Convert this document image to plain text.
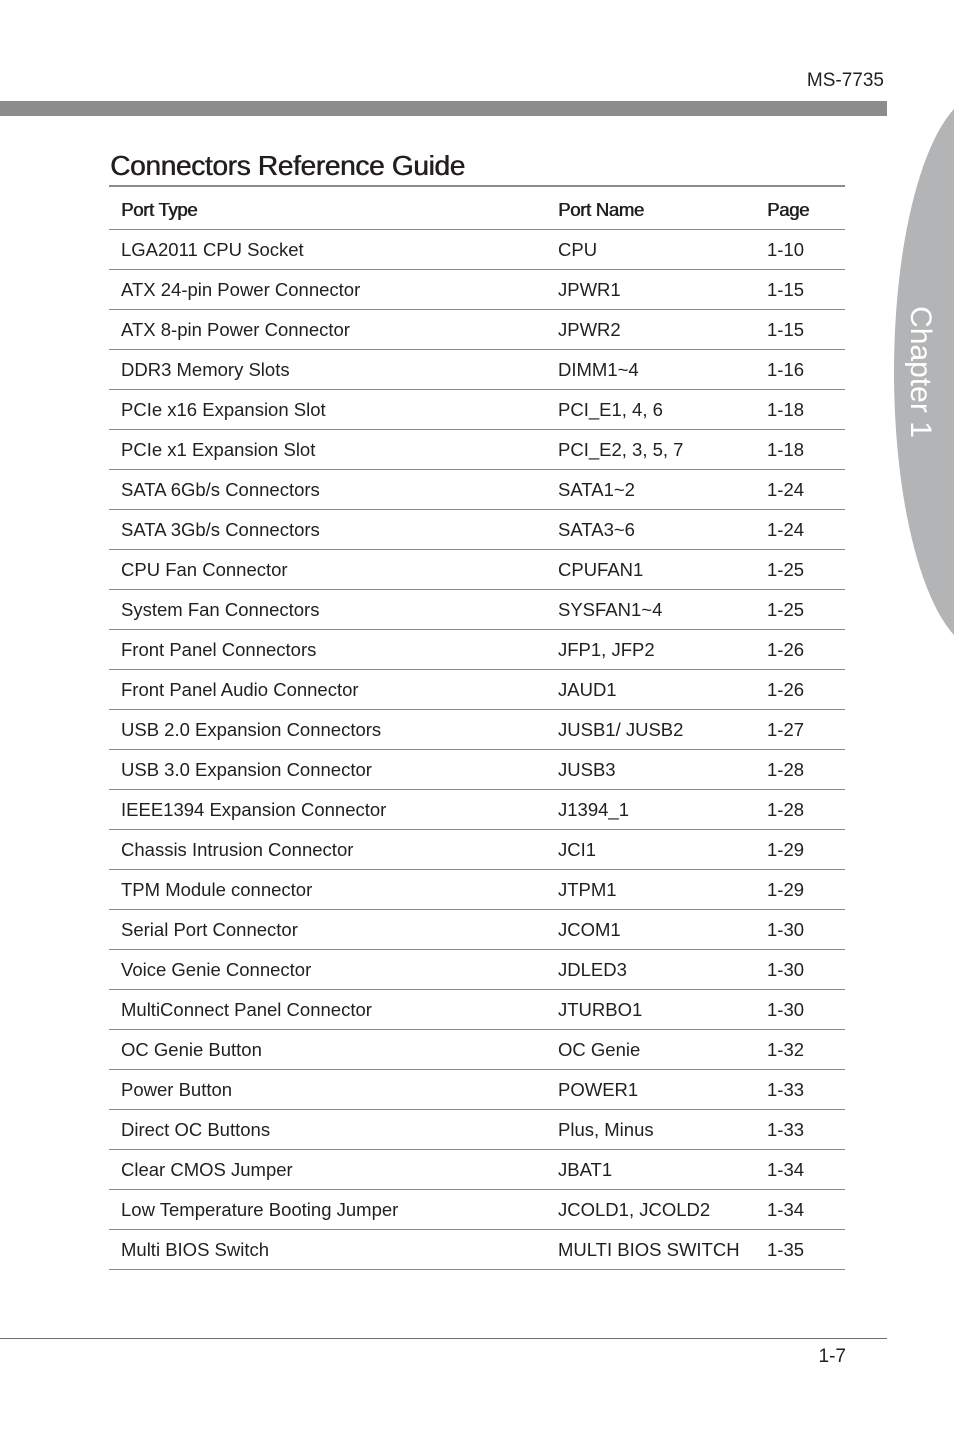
MS-7735
Chapter 1
Connectors Reference Guide
Port Type	Port Name	Page
LGA2011 CPU Socket	CPU	1-10
ATX 24-pin Power Connector	JPWR1	1-15
ATX 8-pin Power Connector	JPWR2	1-15
DDR3 Memory Slots	DIMM1~4	1-16
PCIe x16 Expansion Slot	PCI_E1, 4, 6	1-18
PCIe x1 Expansion Slot	PCI_E2, 3, 5, 7	1-18
SATA 6Gb/s Connectors	SATA1~2	1-24
SATA 3Gb/s Connectors	SATA3~6	1-24
CPU Fan Connector	CPUFAN1	1-25
System Fan Connectors	SYSFAN1~4	1-25
Front Panel Connectors	JFP1, JFP2	1-26
Front Panel Audio Connector	JAUD1	1-26
USB 2.0 Expansion Connectors	JUSB1/ JUSB2	1-27
USB 3.0 Expansion Connector	JUSB3	1-28
IEEE1394 Expansion Connector	J1394_1	1-28
Chassis Intrusion Connector	JCI1	1-29
TPM Module connector	JTPM1	1-29
Serial Port Connector	JCOM1	1-30
Voice Genie Connector	JDLED3	1-30
MultiConnect Panel Connector	JTURBO1	1-30
OC Genie Button	OC Genie	1-32
Power Button	POWER1	1-33
Direct OC Buttons	Plus, Minus	1-33
Clear CMOS Jumper	JBAT1	1-34
Low Temperature Booting Jumper	JCOLD1, JCOLD2	1-34
Multi BIOS Switch	MULTI BIOS SWITCH	1-35
1-7
